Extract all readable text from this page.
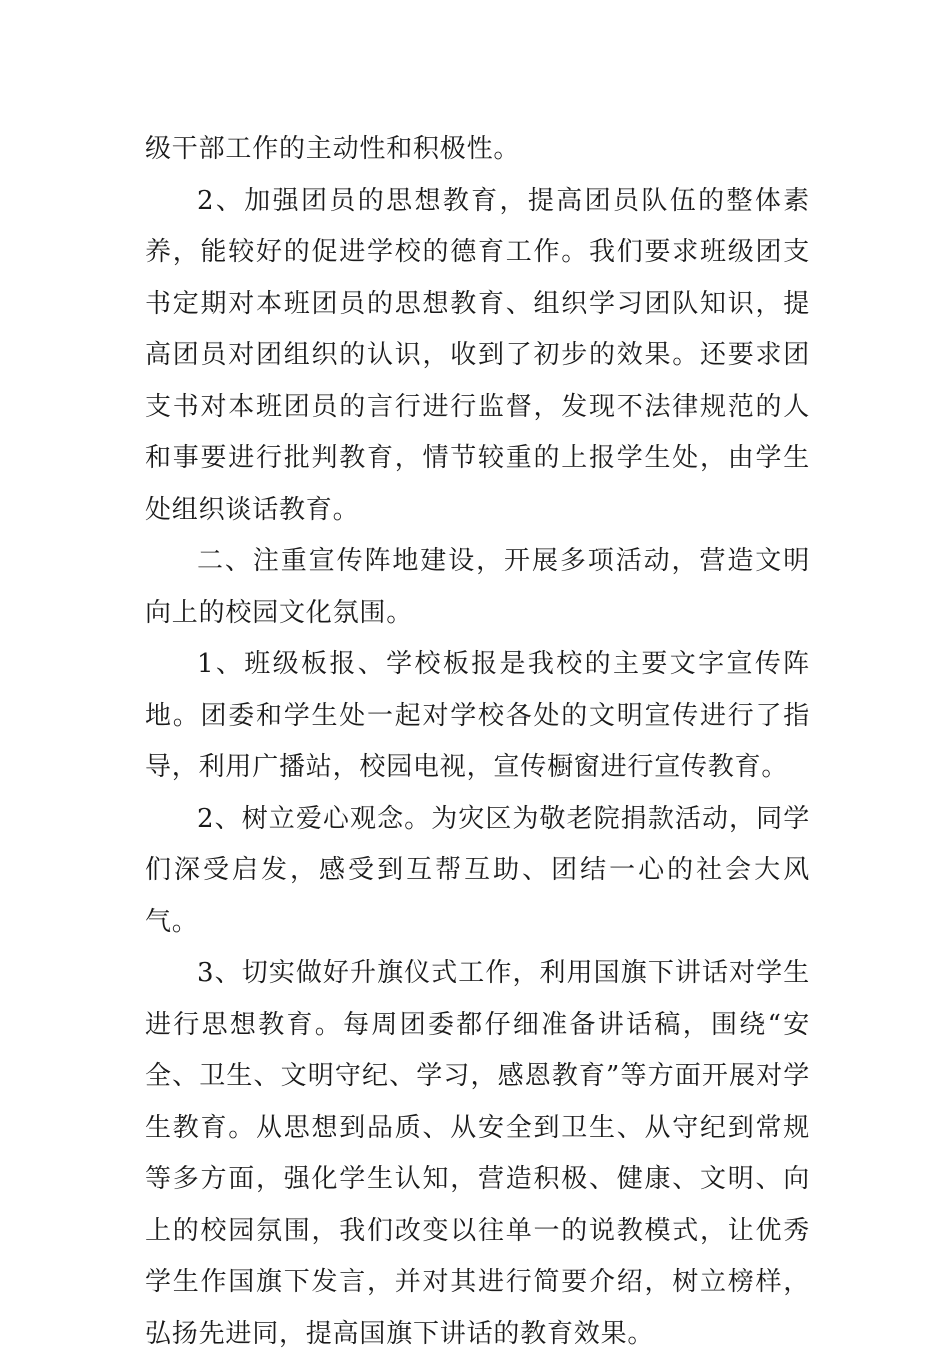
级干部工作的主动性和积极性。

2、加强团员的思想教育，提高团员队伍的整体素养，能较好的促进学校的德育工作。我们要求班级团支书定期对本班团员的思想教育、组织学习团队知识，提高团员对团组织的认识，收到了初步的效果。还要求团支书对本班团员的言行进行监督，发现不法律规范的人和事要进行批判教育，情节较重的上报学生处，由学生处组织谈话教育。

二、注重宣传阵地建设，开展多项活动，营造文明向上的校园文化氛围。

1、班级板报、学校板报是我校的主要文字宣传阵地。团委和学生处一起对学校各处的文明宣传进行了指导，利用广播站，校园电视，宣传橱窗进行宣传教育。

2、树立爱心观念。为灾区为敬老院捐款活动，同学们深受启发，感受到互帮互助、团结一心的社会大风气。

3、切实做好升旗仪式工作，利用国旗下讲话对学生进行思想教育。每周团委都仔细准备讲话稿，围绕“安全、卫生、文明守纪、学习，感恩教育”等方面开展对学生教育。从思想到品质、从安全到卫生、从守纪到常规等多方面，强化学生认知，营造积极、健康、文明、向上的校园氛围，我们改变以往单一的说教模式，让优秀学生作国旗下发言，并对其进行简要介绍，树立榜样，弘扬先进同，提高国旗下讲话的教育效果。
